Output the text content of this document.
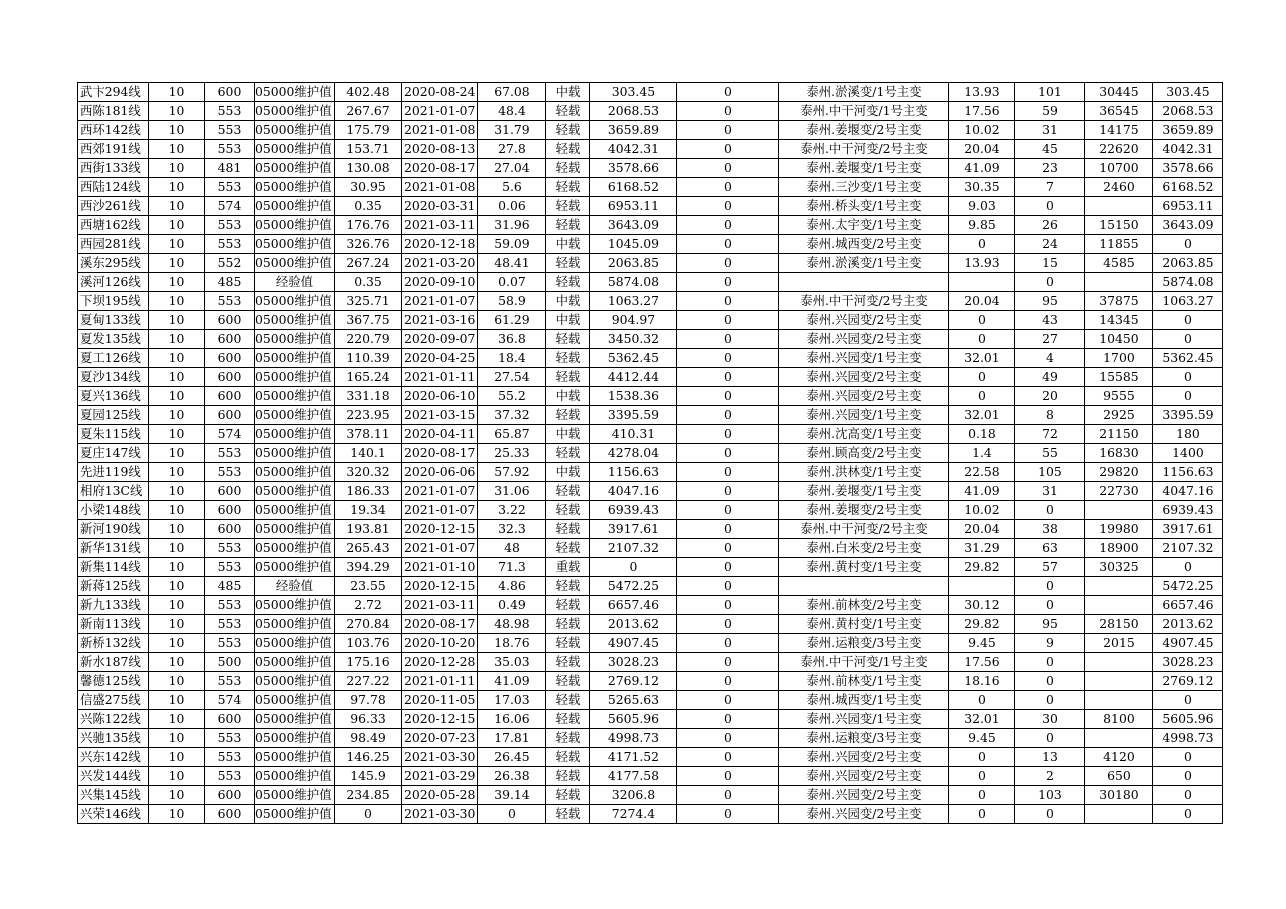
武卞294线	10	600	05000维护值	402.48	2020-08-24	67.08	中载	303.45	0	泰州.淤溪变/1号主变	13.93	101	30445	303.45
西陈181线	10	553	05000维护值	267.67	2021-01-07	48.4	轻载	2068.53	0	泰州.中干河变/1号主变	17.56	59	36545	2068.53
西环142线	10	553	05000维护值	175.79	2021-01-08	31.79	轻载	3659.89	0	泰州.姜堰变/2号主变	10.02	31	14175	3659.89
西郊191线	10	553	05000维护值	153.71	2020-08-13	27.8	轻载	4042.31	0	泰州.中干河变/2号主变	20.04	45	22620	4042.31
西街133线	10	481	05000维护值	130.08	2020-08-17	27.04	轻载	3578.66	0	泰州.姜堰变/1号主变	41.09	23	10700	3578.66
西陆124线	10	553	05000维护值	30.95	2021-01-08	5.6	轻载	6168.52	0	泰州.三沙变/1号主变	30.35	7	2460	6168.52
西沙261线	10	574	05000维护值	0.35	2020-03-31	0.06	轻载	6953.11	0	泰州.桥头变/1号主变	9.03	0		6953.11
西塘162线	10	553	05000维护值	176.76	2021-03-11	31.96	轻载	3643.09	0	泰州.太宇变/1号主变	9.85	26	15150	3643.09
西园281线	10	553	05000维护值	326.76	2020-12-18	59.09	中载	1045.09	0	泰州.城西变/2号主变	0	24	11855	0
溪东295线	10	552	05000维护值	267.24	2021-03-20	48.41	轻载	2063.85	0	泰州.淤溪变/1号主变	13.93	15	4585	2063.85
溪河126线	10	485	经验值	0.35	2020-09-10	0.07	轻载	5874.08	0			0		5874.08
下坝195线	10	553	05000维护值	325.71	2021-01-07	58.9	中载	1063.27	0	泰州.中干河变/2号主变	20.04	95	37875	1063.27
夏甸133线	10	600	05000维护值	367.75	2021-03-16	61.29	中载	904.97	0	泰州.兴园变/2号主变	0	43	14345	0
夏发135线	10	600	05000维护值	220.79	2020-09-07	36.8	轻载	3450.32	0	泰州.兴园变/2号主变	0	27	10450	0
夏工126线	10	600	05000维护值	110.39	2020-04-25	18.4	轻载	5362.45	0	泰州.兴园变/1号主变	32.01	4	1700	5362.45
夏沙134线	10	600	05000维护值	165.24	2021-01-11	27.54	轻载	4412.44	0	泰州.兴园变/2号主变	0	49	15585	0
夏兴136线	10	600	05000维护值	331.18	2020-06-10	55.2	中载	1538.36	0	泰州.兴园变/2号主变	0	20	9555	0
夏园125线	10	600	05000维护值	223.95	2021-03-15	37.32	轻载	3395.59	0	泰州.兴园变/1号主变	32.01	8	2925	3395.59
夏朱115线	10	574	05000维护值	378.11	2020-04-11	65.87	中载	410.31	0	泰州.沈高变/1号主变	0.18	72	21150	180
夏庄147线	10	553	05000维护值	140.1	2020-08-17	25.33	轻载	4278.04	0	泰州.顾高变/2号主变	1.4	55	16830	1400
先进119线	10	553	05000维护值	320.32	2020-06-06	57.92	中载	1156.63	0	泰州.洪林变/1号主变	22.58	105	29820	1156.63
相府13C线	10	600	05000维护值	186.33	2021-01-07	31.06	轻载	4047.16	0	泰州.姜堰变/1号主变	41.09	31	22730	4047.16
小梁148线	10	600	05000维护值	19.34	2021-01-07	3.22	轻载	6939.43	0	泰州.姜堰变/2号主变	10.02	0		6939.43
新河190线	10	600	05000维护值	193.81	2020-12-15	32.3	轻载	3917.61	0	泰州.中干河变/2号主变	20.04	38	19980	3917.61
新华131线	10	553	05000维护值	265.43	2021-01-07	48	轻载	2107.32	0	泰州.白米变/2号主变	31.29	63	18900	2107.32
新集114线	10	553	05000维护值	394.29	2021-01-10	71.3	重载	0	0	泰州.黄村变/1号主变	29.82	57	30325	0
新蒋125线	10	485	经验值	23.55	2020-12-15	4.86	轻载	5472.25	0			0		5472.25
新九133线	10	553	05000维护值	2.72	2021-03-11	0.49	轻载	6657.46	0	泰州.前林变/2号主变	30.12	0		6657.46
新南113线	10	553	05000维护值	270.84	2020-08-17	48.98	轻载	2013.62	0	泰州.黄村变/1号主变	29.82	95	28150	2013.62
新桥132线	10	553	05000维护值	103.76	2020-10-20	18.76	轻载	4907.45	0	泰州.运粮变/3号主变	9.45	9	2015	4907.45
新水187线	10	500	05000维护值	175.16	2020-12-28	35.03	轻载	3028.23	0	泰州.中干河变/1号主变	17.56	0		3028.23
馨德125线	10	553	05000维护值	227.22	2021-01-11	41.09	轻载	2769.12	0	泰州.前林变/1号主变	18.16	0		2769.12
信盛275线	10	574	05000维护值	97.78	2020-11-05	17.03	轻载	5265.63	0	泰州.城西变/1号主变	0	0		0
兴陈122线	10	600	05000维护值	96.33	2020-12-15	16.06	轻载	5605.96	0	泰州.兴园变/1号主变	32.01	30	8100	5605.96
兴驰135线	10	553	05000维护值	98.49	2020-07-23	17.81	轻载	4998.73	0	泰州.运粮变/3号主变	9.45	0		4998.73
兴东142线	10	553	05000维护值	146.25	2021-03-30	26.45	轻载	4171.52	0	泰州.兴园变/2号主变	0	13	4120	0
兴发144线	10	553	05000维护值	145.9	2021-03-29	26.38	轻载	4177.58	0	泰州.兴园变/2号主变	0	2	650	0
兴集145线	10	600	05000维护值	234.85	2020-05-28	39.14	轻载	3206.8	0	泰州.兴园变/2号主变	0	103	30180	0
兴荣146线	10	600	05000维护值	0	2021-03-30	0	轻载	7274.4	0	泰州.兴园变/2号主变	0	0		0
